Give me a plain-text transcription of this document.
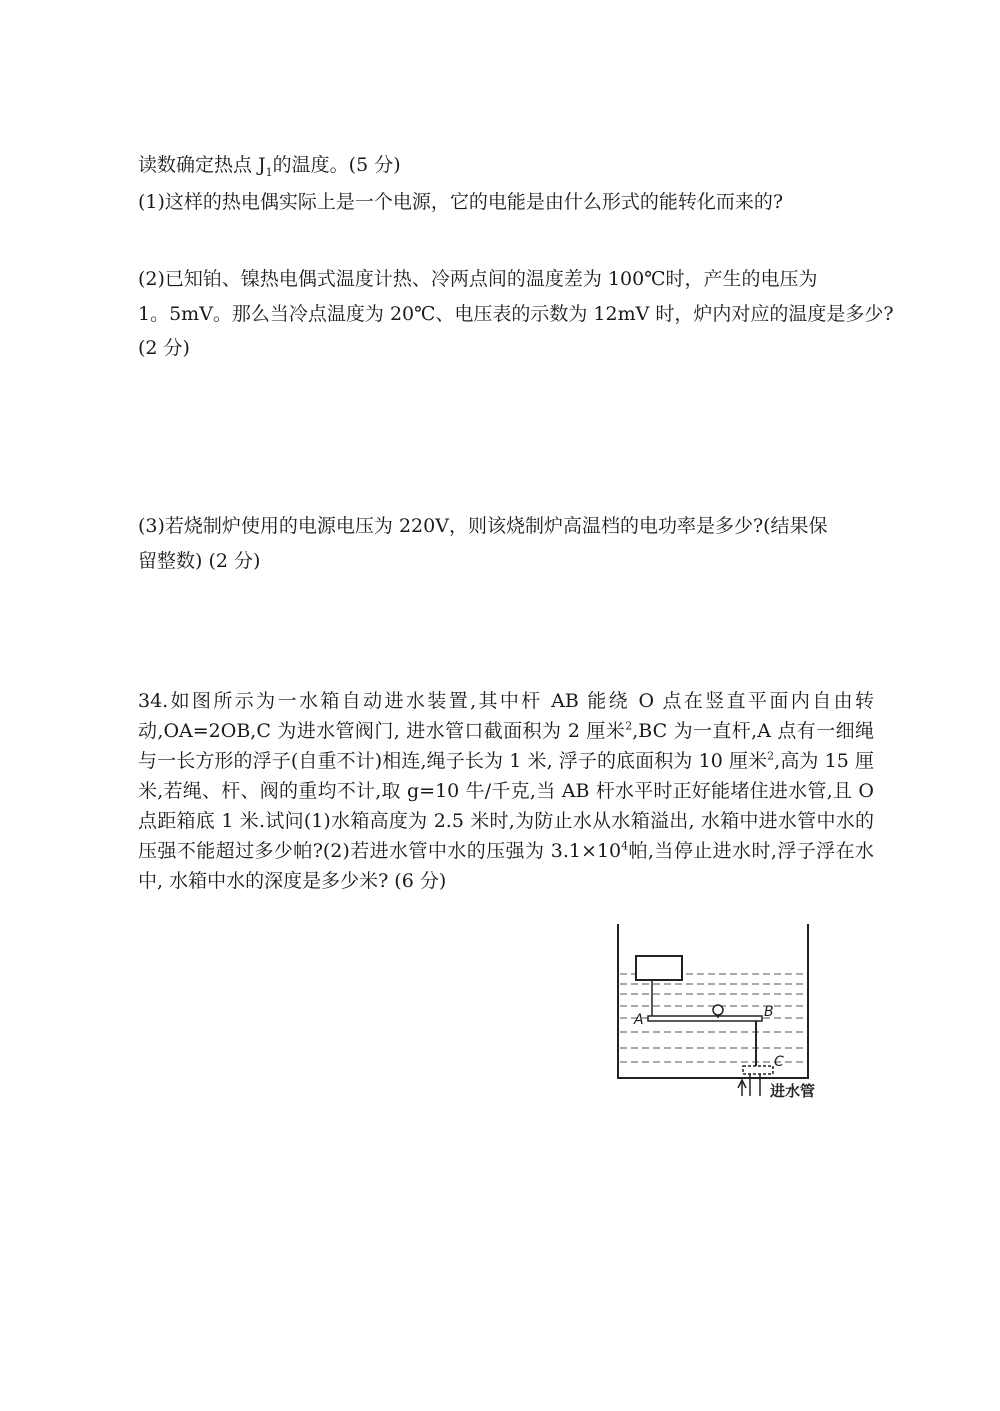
读数确定热点 $J_1$的温度。(5 分)
(1)这样的热电偶实际上是一个电源，它的电能是由什么形式的能转化而来的?
(2)已知铂、镍热电偶式温度计热、冷两点间的温度差为 100℃时，产生的电压为
1。5mV。那么当冷点温度为 20℃、电压表的示数为 12mV 时，炉内对应的温度是多少?
(2 分)
(3)若烧制炉使用的电源电压为 220V，则该烧制炉高温档的电功率是多少?(结果保
留整数) (2 分)
34.如图所示为一水箱自动进水装置,其中杆 AB 能绕 O 点在竖直平面内自由转动,OA=2OB,C 为进水管阀门, 进水管口截面积为 2 厘米$^2$,BC 为一直杆,A 点有一细绳与一长方形的浮子(自重不计)相连,绳子长为 1 米, 浮子的底面积为 10 厘米$^2$,高为 15 厘米,若绳、杆、阀的重均不计,取 g=10 牛/千克,当 AB 杆水平时正好能堵住进水管,且 O 点距箱底 1 米.试问(1)水箱高度为 2.5 米时,为防止水从水箱溢出, 水箱中进水管中水的压强不能超过多少帕?(2)若进水管中水的压强为 $3.1\times 10^4$帕,当停止进水时,浮子浮在水中, 水箱中水的深度是多少米? (6 分)
A	B
C
进水管
